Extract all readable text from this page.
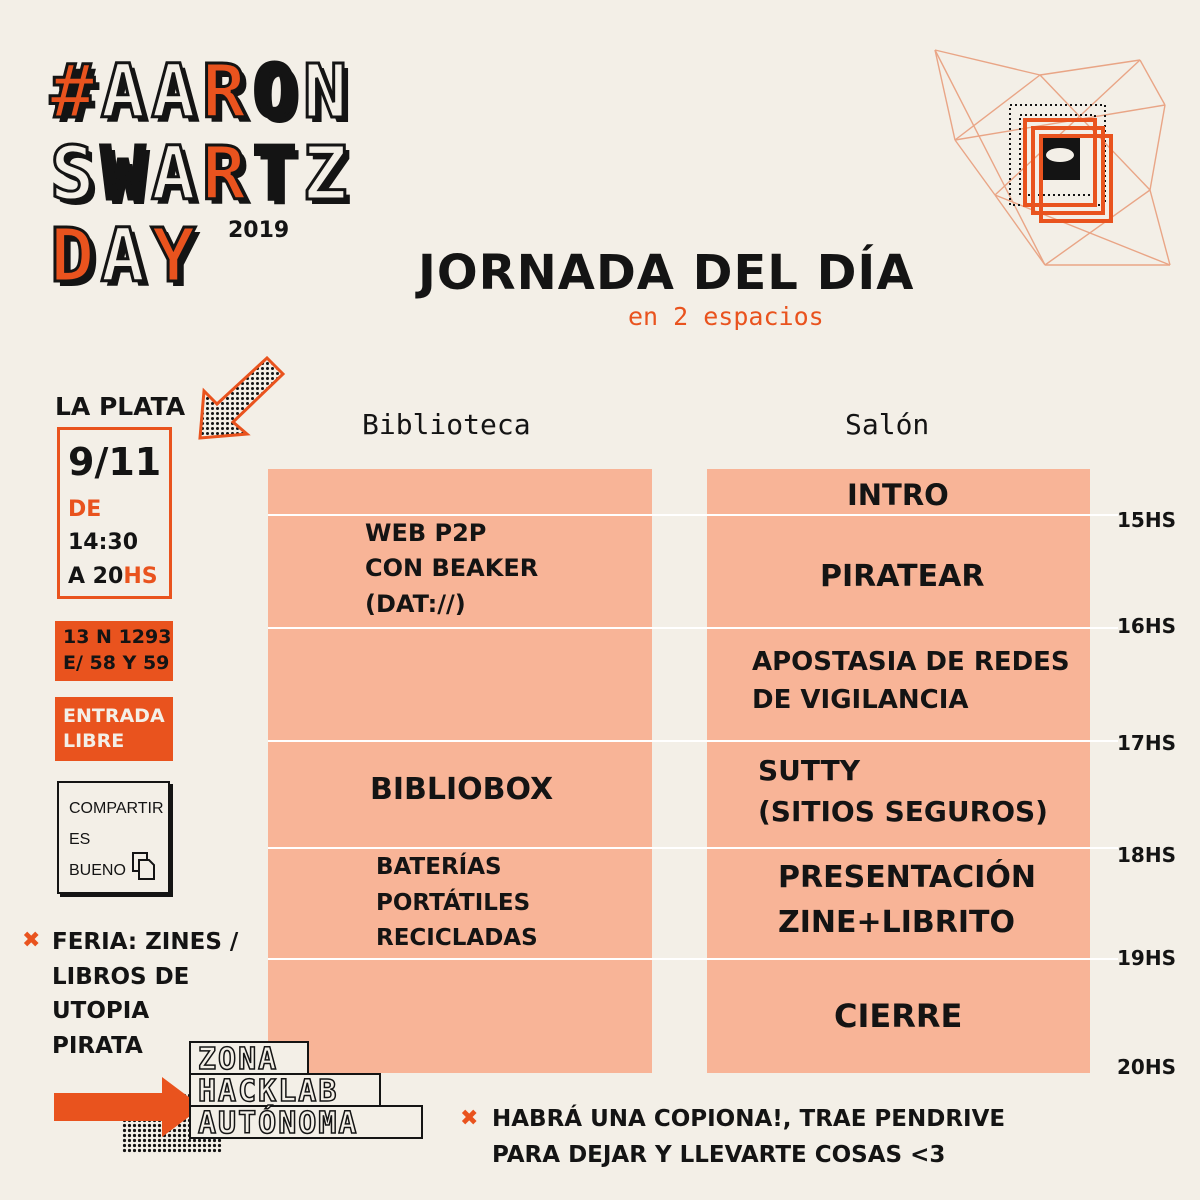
#AARON
SWARTZ
DAY 2019
JORNADA DEL DÍA
en 2 espacios
LA PLATA
9/11
DE
14:30
A 20HS
13 N 1293
E/ 58 Y 59
ENTRADA
LIBRE
COMPARTIR
ES
BUENO
✖ FERIA: ZINES /
LIBROS DE
UTOPIA
PIRATA
Biblioteca	Salón
15HS
16HS
17HS
18HS
19HS
20HS
WEB P2P
CON BEAKER
(DAT://)
BIBLIOBOX
BATERÍAS
PORTÁTILES
RECICLADAS
INTRO
PIRATEAR
APOSTASIA DE REDES
DE VIGILANCIA
SUTTY
(SITIOS SEGUROS)
PRESENTACIÓN
ZINE+LIBRITO
CIERRE
ZONA
HACKLAB
AUTÓNOMA	✖ HABRÁ UNA COPIONA!, TRAE PENDRIVE
PARA DEJAR Y LLEVARTE COSAS <3
